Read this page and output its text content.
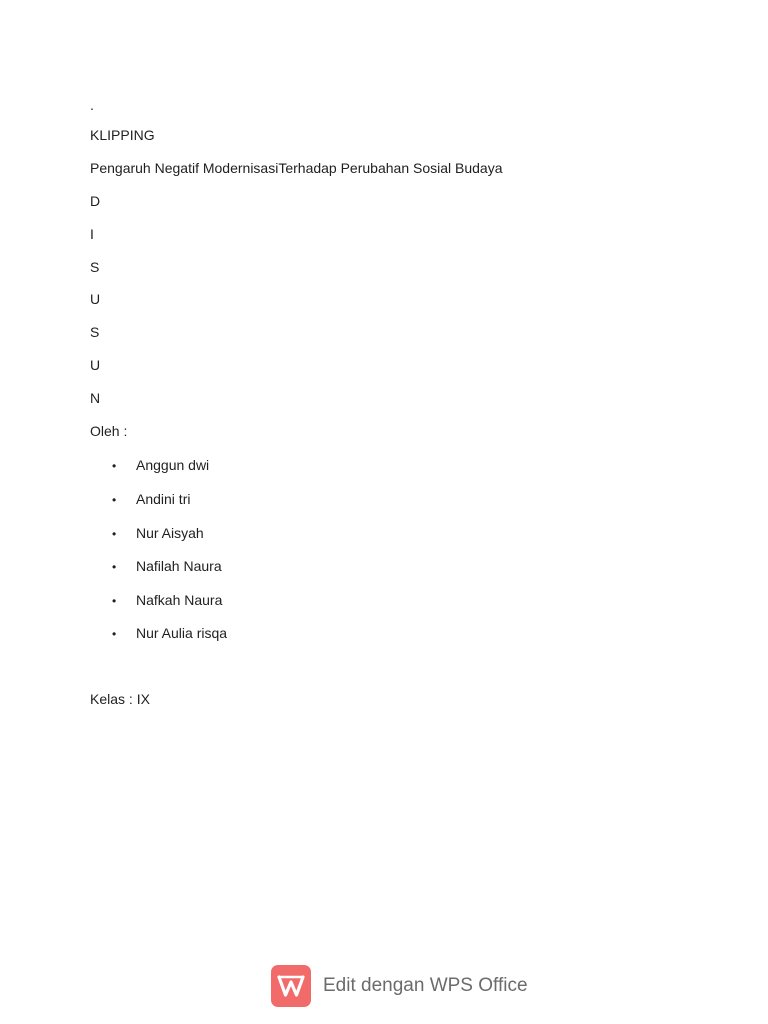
.
KLIPPING
Pengaruh Negatif ModernisasiTerhadap Perubahan Sosial Budaya
D
I
S
U
S
U
N
Oleh :
• Anggun dwi
• Andini tri
• Nur Aisyah
• Nafilah Naura
• Nafkah Naura
• Nur Aulia risqa
Kelas : IX
Edit dengan WPS Office
